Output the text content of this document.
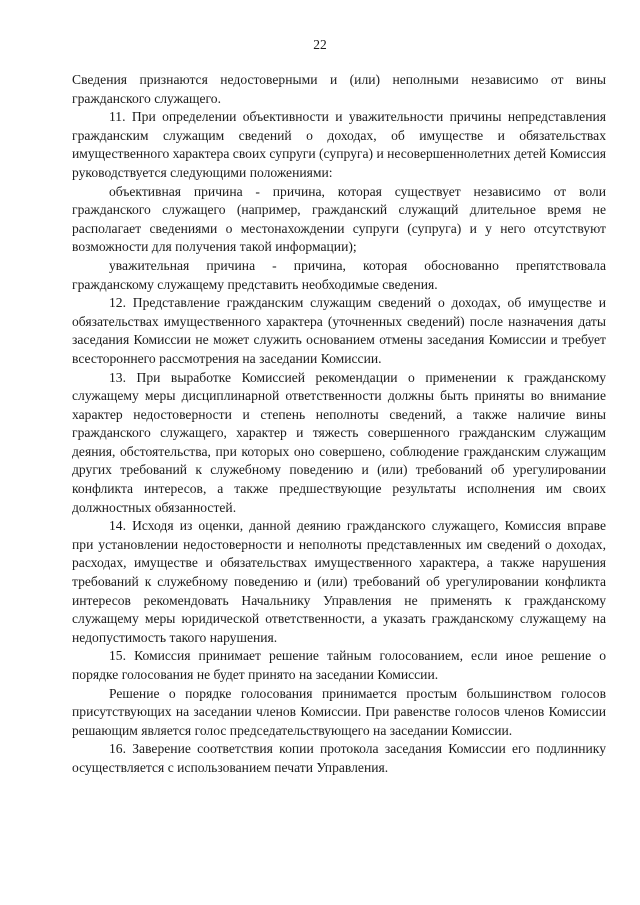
22

Сведения признаются недостоверными и (или) неполными независимо от вины гражданского служащего.

11. При определении объективности и уважительности причины непредставления гражданским служащим сведений о доходах, об имуществе и обязательствах имущественного характера своих супруги (супруга) и несовершеннолетних детей Комиссия руководствуется следующими положениями:

объективная причина - причина, которая существует независимо от воли гражданского служащего (например, гражданский служащий длительное время не располагает сведениями о местонахождении супруги (супруга) и у него отсутствуют возможности для получения такой информации);

уважительная причина - причина, которая обоснованно препятствовала гражданскому служащему представить необходимые сведения.

12. Представление гражданским служащим сведений о доходах, об имуществе и обязательствах имущественного характера (уточненных сведений) после назначения даты заседания Комиссии не может служить основанием отмены заседания Комиссии и требует всестороннего рассмотрения на заседании Комиссии.

13. При выработке Комиссией рекомендации о применении к гражданскому служащему меры дисциплинарной ответственности должны быть приняты во внимание характер недостоверности и степень неполноты сведений, а также наличие вины гражданского служащего, характер и тяжесть совершенного гражданским служащим деяния, обстоятельства, при которых оно совершено, соблюдение гражданским служащим других требований к служебному поведению и (или) требований об урегулировании конфликта интересов, а также предшествующие результаты исполнения им своих должностных обязанностей.

14. Исходя из оценки, данной деянию гражданского служащего, Комиссия вправе при установлении недостоверности и неполноты представленных им сведений о доходах, расходах, имуществе и обязательствах имущественного характера, а также нарушения требований к служебному поведению и (или) требований об урегулировании конфликта интересов рекомендовать Начальнику Управления не применять к гражданскому служащему меры юридической ответственности, а указать гражданскому служащему на недопустимость такого нарушения.

15. Комиссия принимает решение тайным голосованием, если иное решение о порядке голосования не будет принято на заседании Комиссии.

Решение о порядке голосования принимается простым большинством голосов присутствующих на заседании членов Комиссии. При равенстве голосов членов Комиссии решающим является голос председательствующего на заседании Комиссии.

16. Заверение соответствия копии протокола заседания Комиссии его подлиннику осуществляется с использованием печати Управления.
